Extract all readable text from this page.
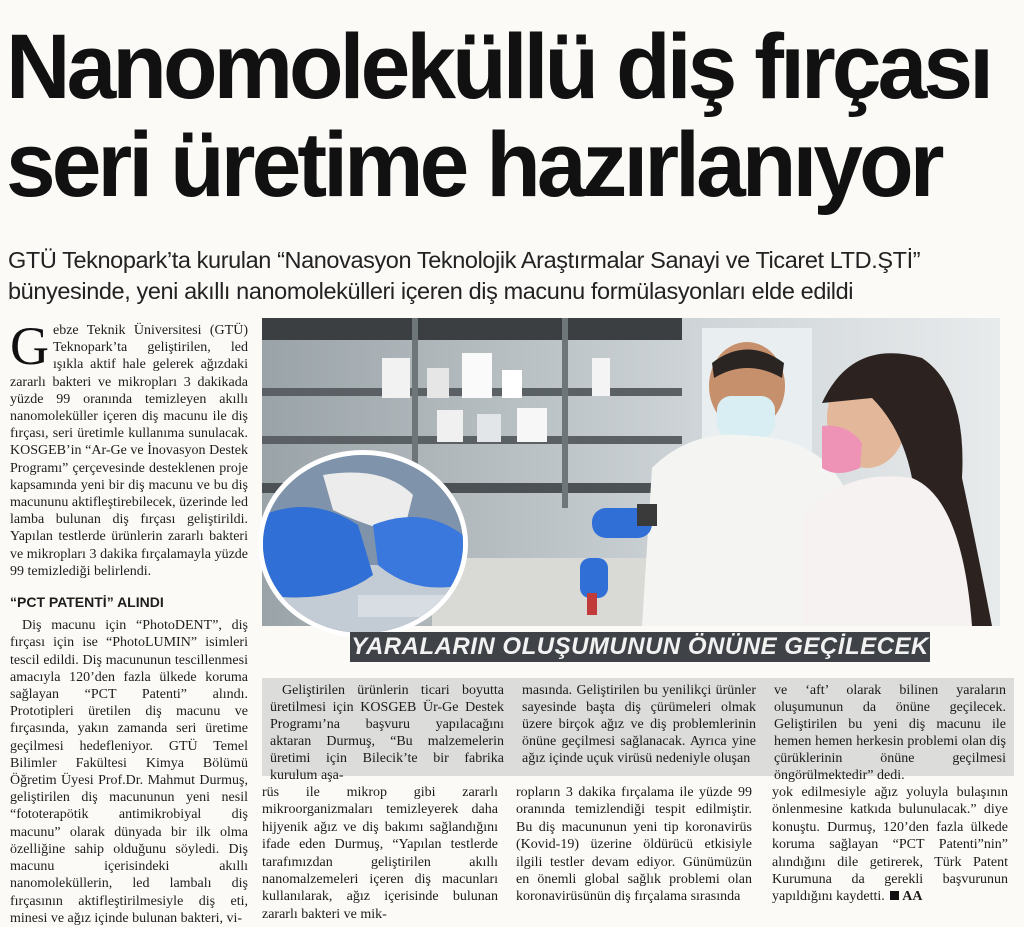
Nanomoleküllü diş fırçası
seri üretime hazırlanıyor
GTÜ Teknopark’ta kurulan “Nanovasyon Teknolojik Araştırmalar Sanayi ve Ticaret LTD.ŞTİ”
bünyesinde, yeni akıllı nanomolekülleri içeren diş macunu formülasyonları elde edildi

Gebze Teknik Üniversitesi (GTÜ) Teknopark’ta geliştirilen, led ışıkla aktif hale gelerek ağızdaki zararlı bakteri ve mikropları 3 dakikada yüzde 99 oranında temizleyen akıllı nanomoleküller içeren diş macunu ile diş fırçası, seri üretimle kullanıma sunulacak. KOSGEB’in “Ar-Ge ve İnovasyon Destek Programı” çerçevesinde desteklenen proje kapsamında yeni bir diş macunu ve bu diş macununu aktifleştirebilecek, üzerinde led lamba bulunan diş fırçası geliştirildi. Yapılan testlerde ürünlerin zararlı bakteri ve mikropları 3 dakika fırçalamayla yüzde 99 temizlediği belirlendi.

“PCT PATENTİ” ALINDI

Diş macunu için “PhotoDENT”, diş fırçası için ise “PhotoLUMIN” isimleri tescil edildi. Diş macununun tescillenmesi amacıyla 120’den fazla ülkede koruma sağlayan “PCT Patenti” alındı. Prototipleri üretilen diş macunu ve fırçasında, yakın zamanda seri üretime geçilmesi hedefleniyor. GTÜ Temel Bilimler Fakültesi Kimya Bölümü Öğretim Üyesi Prof.Dr. Mahmut Durmuş, geliştirilen diş macununun yeni nesil “fototerapötik antimikrobiyal diş macunu” olarak dünyada bir ilk olma özelliğine sahip olduğunu söyledi. Diş macunu içerisindeki akıllı nanomoleküllerin, led lambalı diş fırçasının aktifleştirilmesiyle diş eti, minesi ve ağız içinde bulunan bakteri, vi-

YARALARIN OLUŞUMUNUN ÖNÜNE GEÇİLECEK

Geliştirilen ürünlerin ticari boyutta üretilmesi için KOSGEB Ür-Ge Destek Programı’na başvuru yapılacağını aktaran Durmuş, “Bu malzemelerin üretimi için Bilecik’te bir fabrika kurulum aşa-

masında. Geliştirilen bu yenilikçi ürünler sayesinde başta diş çürümeleri olmak üzere birçok ağız ve diş problemlerinin önüne geçilmesi sağlanacak. Ayrıca yine ağız içinde uçuk virüsü nedeniyle oluşan

ve ‘aft’ olarak bilinen yaraların oluşumunun da önüne geçilecek. Geliştirilen bu yeni diş macunu ile hemen hemen herkesin problemi olan diş çürüklerinin önüne geçilmesi öngörülmektedir” dedi.

rüs ile mikrop gibi zararlı mikroorganizmaları temizleyerek daha hijyenik ağız ve diş bakımı sağlandığını ifade eden Durmuş, “Yapılan testlerde tarafımızdan geliştirilen akıllı nanomalzemeleri içeren diş macunları kullanılarak, ağız içerisinde bulunan zararlı bakteri ve mik-

ropların 3 dakika fırçalama ile yüzde 99 oranında temizlendiği tespit edilmiştir. Bu diş macununun yeni tip koronavirüs (Kovid-19) üzerine öldürücü etkisiyle ilgili testler devam ediyor. Günümüzün en önemli global sağlık problemi olan koronavirüsünün diş fırçalama sırasında

yok edilmesiyle ağız yoluyla bulaşının önlenmesine katkıda bulunulacak.” diye konuştu. Durmuş, 120’den fazla ülkede koruma sağlayan “PCT Patenti”nin” alındığını dile getirerek, Türk Patent Kurumuna da gerekli başvurunun yapıldığını kaydetti. AA
